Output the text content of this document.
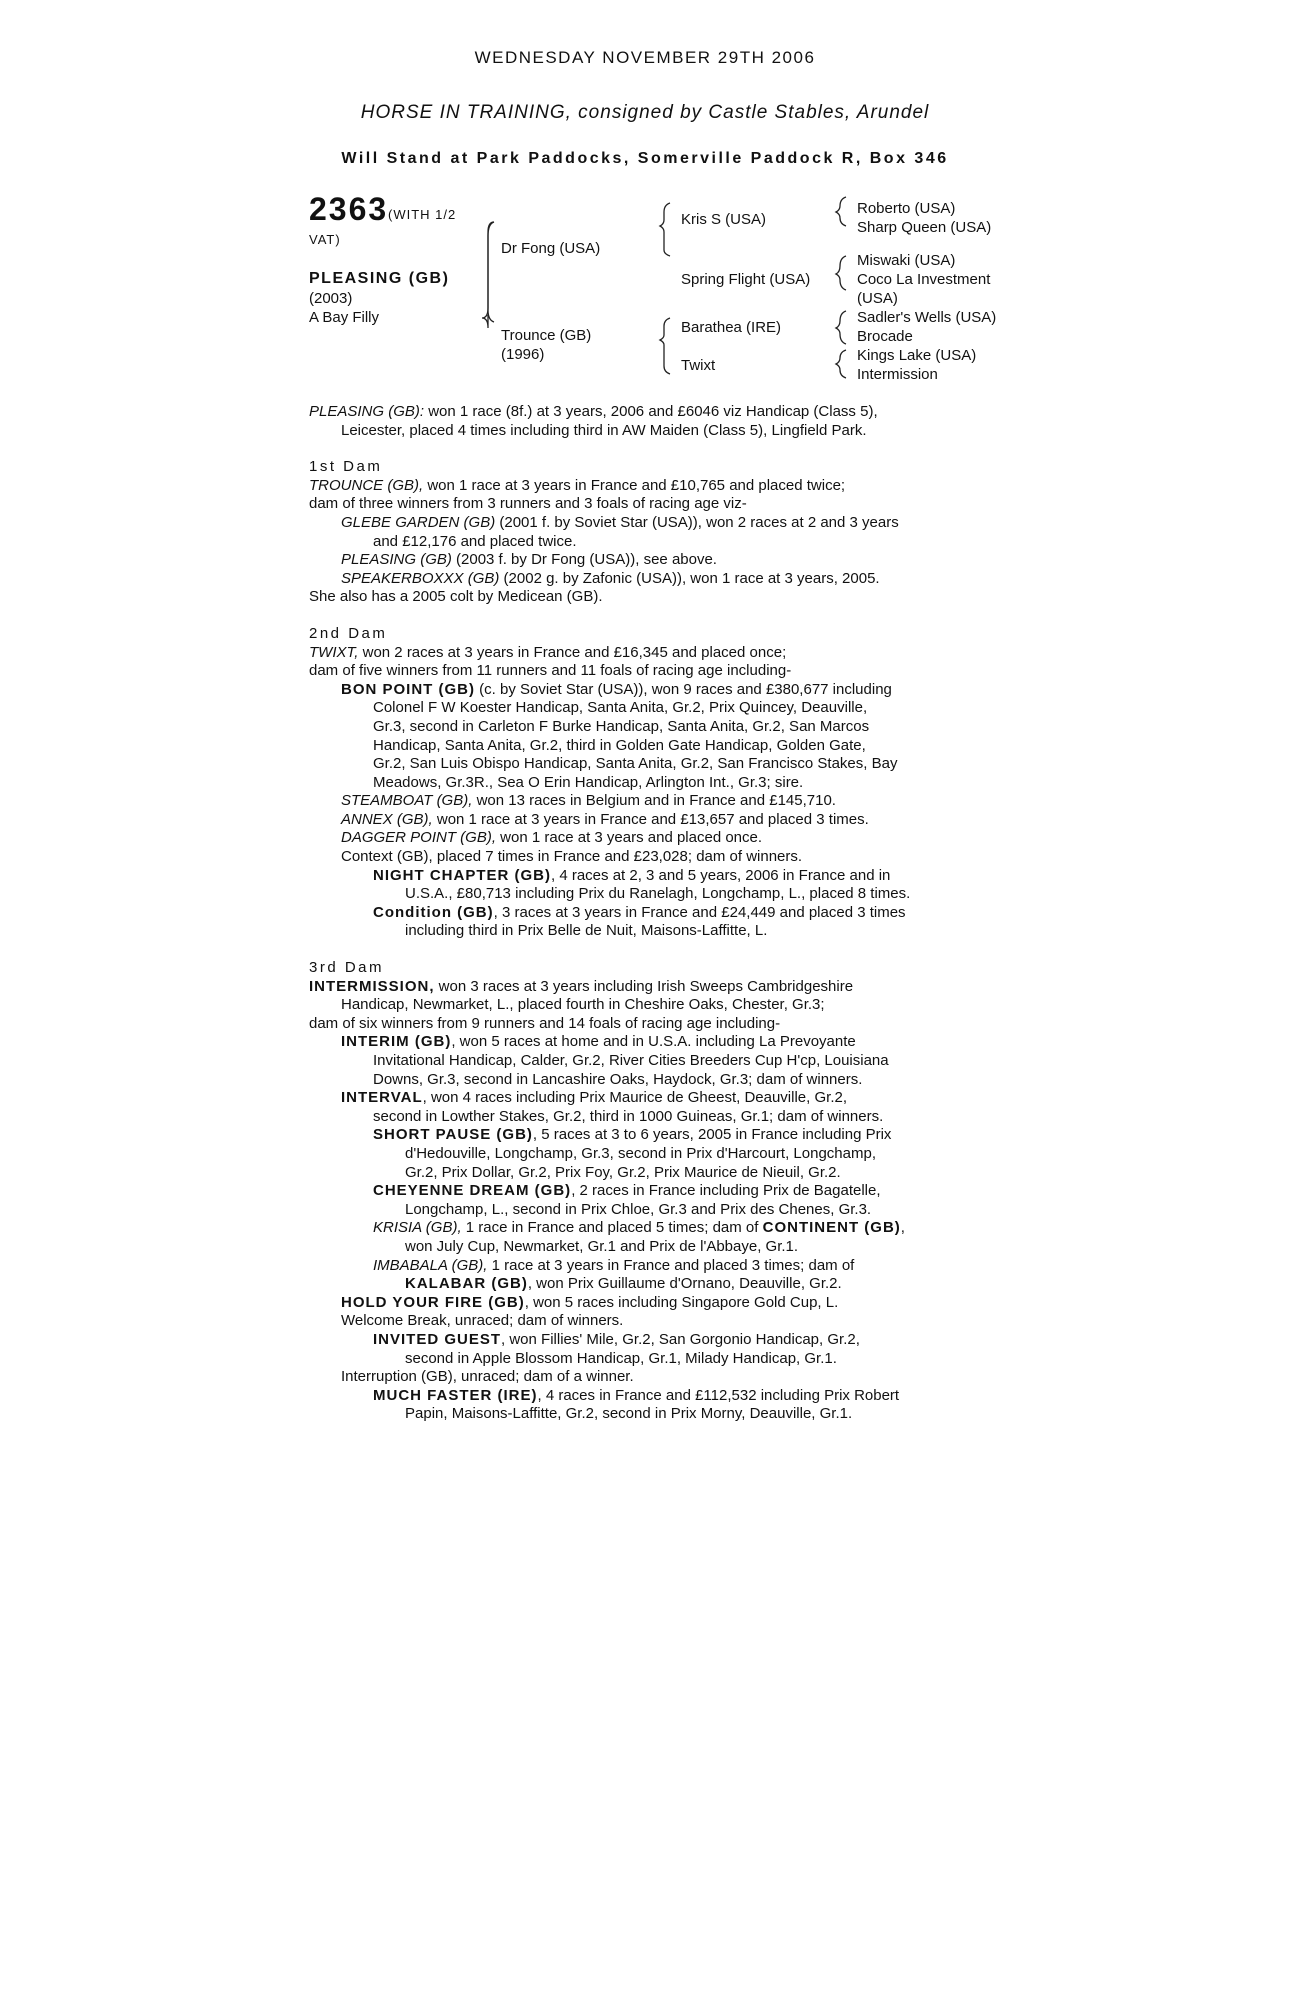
WEDNESDAY NOVEMBER 29TH 2006
HORSE IN TRAINING, consigned by Castle Stables, Arundel
Will Stand at Park Paddocks, Somerville Paddock R, Box 346
2363 (WITH 1/2
VAT)
PLEASING (GB)
(2003)
A Bay Filly
Dr Fong (USA)
Trounce (GB)
(1996)
Kris S (USA)
Spring Flight (USA)
Barathea (IRE)
Twixt
Roberto (USA)
Sharp Queen (USA)
Miswaki (USA)
Coco La Investment
(USA)
Sadler's Wells (USA)
Brocade
Kings Lake (USA)
Intermission

PLEASING (GB): won 1 race (8f.) at 3 years, 2006 and £6046 viz Handicap (Class 5),

Leicester, placed 4 times including third in AW Maiden (Class 5), Lingfield Park.

1st Dam

TROUNCE (GB), won 1 race at 3 years in France and £10,765 and placed twice;

dam of three winners from 3 runners and 3 foals of racing age viz-

GLEBE GARDEN (GB) (2001 f. by Soviet Star (USA)), won 2 races at 2 and 3 years

and £12,176 and placed twice.

PLEASING (GB) (2003 f. by Dr Fong (USA)), see above.

SPEAKERBOXXX (GB) (2002 g. by Zafonic (USA)), won 1 race at 3 years, 2005.

She also has a 2005 colt by Medicean (GB).

2nd Dam

TWIXT, won 2 races at 3 years in France and £16,345 and placed once;

dam of five winners from 11 runners and 11 foals of racing age including-

BON POINT (GB) (c. by Soviet Star (USA)), won 9 races and £380,677 including

Colonel F W Koester Handicap, Santa Anita, Gr.2, Prix Quincey, Deauville,

Gr.3, second in Carleton F Burke Handicap, Santa Anita, Gr.2, San Marcos

Handicap, Santa Anita, Gr.2, third in Golden Gate Handicap, Golden Gate,

Gr.2, San Luis Obispo Handicap, Santa Anita, Gr.2, San Francisco Stakes, Bay

Meadows, Gr.3R., Sea O Erin Handicap, Arlington Int., Gr.3; sire.

STEAMBOAT (GB), won 13 races in Belgium and in France and £145,710.

ANNEX (GB), won 1 race at 3 years in France and £13,657 and placed 3 times.

DAGGER POINT (GB), won 1 race at 3 years and placed once.

Context (GB), placed 7 times in France and £23,028; dam of winners.

NIGHT CHAPTER (GB), 4 races at 2, 3 and 5 years, 2006 in France and in

U.S.A., £80,713 including Prix du Ranelagh, Longchamp, L., placed 8 times.

Condition (GB), 3 races at 3 years in France and £24,449 and placed 3 times

including third in Prix Belle de Nuit, Maisons-Laffitte, L.

3rd Dam

INTERMISSION, won 3 races at 3 years including Irish Sweeps Cambridgeshire

Handicap, Newmarket, L., placed fourth in Cheshire Oaks, Chester, Gr.3;

dam of six winners from 9 runners and 14 foals of racing age including-

INTERIM (GB), won 5 races at home and in U.S.A. including La Prevoyante

Invitational Handicap, Calder, Gr.2, River Cities Breeders Cup H'cp, Louisiana

Downs, Gr.3, second in Lancashire Oaks, Haydock, Gr.3; dam of winners.

INTERVAL, won 4 races including Prix Maurice de Gheest, Deauville, Gr.2,

second in Lowther Stakes, Gr.2, third in 1000 Guineas, Gr.1; dam of winners.

SHORT PAUSE (GB), 5 races at 3 to 6 years, 2005 in France including Prix

d'Hedouville, Longchamp, Gr.3, second in Prix d'Harcourt, Longchamp,

Gr.2, Prix Dollar, Gr.2, Prix Foy, Gr.2, Prix Maurice de Nieuil, Gr.2.

CHEYENNE DREAM (GB), 2 races in France including Prix de Bagatelle,

Longchamp, L., second in Prix Chloe, Gr.3 and Prix des Chenes, Gr.3.

KRISIA (GB), 1 race in France and placed 5 times; dam of CONTINENT (GB),

won July Cup, Newmarket, Gr.1 and Prix de l'Abbaye, Gr.1.

IMBABALA (GB), 1 race at 3 years in France and placed 3 times; dam of

KALABAR (GB), won Prix Guillaume d'Ornano, Deauville, Gr.2.

HOLD YOUR FIRE (GB), won 5 races including Singapore Gold Cup, L.

Welcome Break, unraced; dam of winners.

INVITED GUEST, won Fillies' Mile, Gr.2, San Gorgonio Handicap, Gr.2,

second in Apple Blossom Handicap, Gr.1, Milady Handicap, Gr.1.

Interruption (GB), unraced; dam of a winner.

MUCH FASTER (IRE), 4 races in France and £112,532 including Prix Robert

Papin, Maisons-Laffitte, Gr.2, second in Prix Morny, Deauville, Gr.1.
